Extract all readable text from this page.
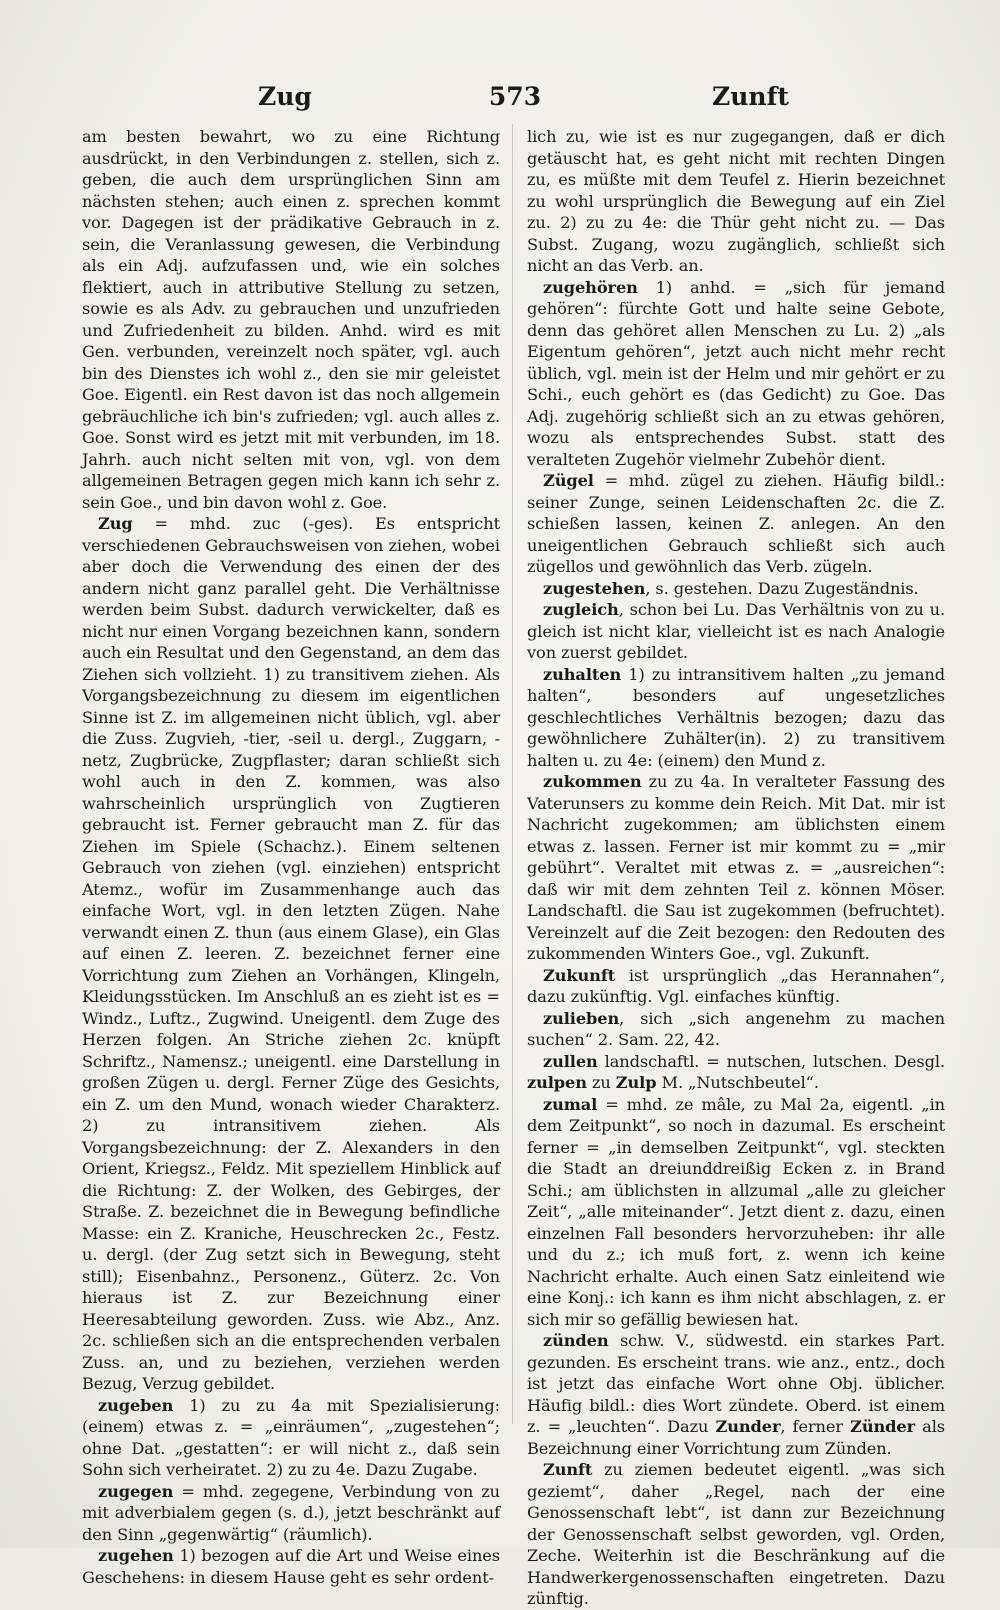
Zug	573	Zunft

am besten bewahrt, wo zu eine Richtung ausdrückt, in den Verbindungen z. stellen, sich z. geben, die auch dem ursprünglichen Sinn am nächsten stehen; auch einen z. sprechen kommt vor. Dagegen ist der prädikative Gebrauch in z. sein, die Veranlassung gewesen, die Verbindung als ein Adj. aufzufassen und, wie ein solches flektiert, auch in attributive Stellung zu setzen, sowie es als Adv. zu gebrauchen und unzufrieden und Zufriedenheit zu bilden. Anhd. wird es mit Gen. verbunden, vereinzelt noch später, vgl. auch bin des Dienstes ich wohl z., den sie mir geleistet Goe. Eigentl. ein Rest davon ist das noch allgemein gebräuchliche ich bin's zufrieden; vgl. auch alles z. Goe. Sonst wird es jetzt mit mit verbunden, im 18. Jahrh. auch nicht selten mit von, vgl. von dem allgemeinen Betragen gegen mich kann ich sehr z. sein Goe., und bin davon wohl z. Goe.

Zug = mhd. zuc (-ges). Es entspricht verschiedenen Gebrauchsweisen von ziehen, wobei aber doch die Verwendung des einen der des andern nicht ganz parallel geht. Die Verhältnisse werden beim Subst. dadurch verwickelter, daß es nicht nur einen Vorgang bezeichnen kann, sondern auch ein Resultat und den Gegenstand, an dem das Ziehen sich vollzieht. 1) zu transitivem ziehen. Als Vorgangsbezeichnung zu diesem im eigentlichen Sinne ist Z. im allgemeinen nicht üblich, vgl. aber die Zuss. Zugvieh, -tier, -seil u. dergl., Zuggarn, -netz, Zugbrücke, Zugpflaster; daran schließt sich wohl auch in den Z. kommen, was also wahrscheinlich ursprünglich von Zugtieren gebraucht ist. Ferner gebraucht man Z. für das Ziehen im Spiele (Schachz.). Einem seltenen Gebrauch von ziehen (vgl. einziehen) entspricht Atemz., wofür im Zusammenhange auch das einfache Wort, vgl. in den letzten Zügen. Nahe verwandt einen Z. thun (aus einem Glase), ein Glas auf einen Z. leeren. Z. bezeichnet ferner eine Vorrichtung zum Ziehen an Vorhängen, Klingeln, Kleidungsstücken. Im Anschluß an es zieht ist es = Windz., Luftz., Zugwind. Uneigentl. dem Zuge des Herzen folgen. An Striche ziehen 2c. knüpft Schriftz., Namensz.; uneigentl. eine Darstellung in großen Zügen u. dergl. Ferner Züge des Gesichts, ein Z. um den Mund, wonach wieder Charakterz. 2) zu intransitivem ziehen. Als Vorgangsbezeichnung: der Z. Alexanders in den Orient, Kriegsz., Feldz. Mit speziellem Hinblick auf die Richtung: Z. der Wolken, des Gebirges, der Straße. Z. bezeichnet die in Bewegung befindliche Masse: ein Z. Kraniche, Heuschrecken 2c., Festz. u. dergl. (der Zug setzt sich in Bewegung, steht still); Eisenbahnz., Personenz., Güterz. 2c. Von hieraus ist Z. zur Bezeichnung einer Heeresabteilung geworden. Zuss. wie Abz., Anz. 2c. schließen sich an die entsprechenden verbalen Zuss. an, und zu beziehen, verziehen werden Bezug, Verzug gebildet.

zugeben 1) zu zu 4a mit Spezialisierung: (einem) etwas z. = „einräumen“, „zugestehen“; ohne Dat. „gestatten“: er will nicht z., daß sein Sohn sich verheiratet. 2) zu zu 4e. Dazu Zugabe.

zugegen = mhd. zegegene, Verbindung von zu mit adverbialem gegen (s. d.), jetzt beschränkt auf den Sinn „gegenwärtig“ (räumlich).

zugehen 1) bezogen auf die Art und Weise eines Geschehens: in diesem Hause geht es sehr ordent-

lich zu, wie ist es nur zugegangen, daß er dich getäuscht hat, es geht nicht mit rechten Dingen zu, es müßte mit dem Teufel z. Hierin bezeichnet zu wohl ursprünglich die Bewegung auf ein Ziel zu. 2) zu zu 4e: die Thür geht nicht zu. — Das Subst. Zugang, wozu zugänglich, schließt sich nicht an das Verb. an.

zugehören 1) anhd. = „sich für jemand gehören“: fürchte Gott und halte seine Gebote, denn das gehöret allen Menschen zu Lu. 2) „als Eigentum gehören“, jetzt auch nicht mehr recht üblich, vgl. mein ist der Helm und mir gehört er zu Schi., euch gehört es (das Gedicht) zu Goe. Das Adj. zugehörig schließt sich an zu etwas gehören, wozu als entsprechendes Subst. statt des veralteten Zugehör vielmehr Zubehör dient.

Zügel = mhd. zügel zu ziehen. Häufig bildl.: seiner Zunge, seinen Leidenschaften 2c. die Z. schießen lassen, keinen Z. anlegen. An den uneigentlichen Gebrauch schließt sich auch zügellos und gewöhnlich das Verb. zügeln.

zugestehen, s. gestehen. Dazu Zugeständnis.

zugleich, schon bei Lu. Das Verhältnis von zu u. gleich ist nicht klar, vielleicht ist es nach Analogie von zuerst gebildet.

zuhalten 1) zu intransitivem halten „zu jemand halten“, besonders auf ungesetzliches geschlechtliches Verhältnis bezogen; dazu das gewöhnlichere Zuhälter(in). 2) zu transitivem halten u. zu 4e: (einem) den Mund z.

zukommen zu zu 4a. In veralteter Fassung des Vaterunsers zu komme dein Reich. Mit Dat. mir ist Nachricht zugekommen; am üblichsten einem etwas z. lassen. Ferner ist mir kommt zu = „mir gebührt“. Veraltet mit etwas z. = „ausreichen“: daß wir mit dem zehnten Teil z. können Möser. Landschaftl. die Sau ist zugekommen (befruchtet). Vereinzelt auf die Zeit bezogen: den Redouten des zukommenden Winters Goe., vgl. Zukunft.

Zukunft ist ursprünglich „das Herannahen“, dazu zukünftig. Vgl. einfaches künftig.

zulieben, sich „sich angenehm zu machen suchen“ 2. Sam. 22, 42.

zullen landschaftl. = nutschen, lutschen. Desgl. zulpen zu Zulp M. „Nutschbeutel“.

zumal = mhd. ze mâle, zu Mal 2a, eigentl. „in dem Zeitpunkt“, so noch in dazumal. Es erscheint ferner = „in demselben Zeitpunkt“, vgl. steckten die Stadt an dreiunddreißig Ecken z. in Brand Schi.; am üblichsten in allzumal „alle zu gleicher Zeit“, „alle miteinander“. Jetzt dient z. dazu, einen einzelnen Fall besonders hervorzuheben: ihr alle und du z.; ich muß fort, z. wenn ich keine Nachricht erhalte. Auch einen Satz einleitend wie eine Konj.: ich kann es ihm nicht abschlagen, z. er sich mir so gefällig bewiesen hat.

zünden schw. V., südwestd. ein starkes Part. gezunden. Es erscheint trans. wie anz., entz., doch ist jetzt das einfache Wort ohne Obj. üblicher. Häufig bildl.: dies Wort zündete. Oberd. ist einem z. = „leuchten“. Dazu Zunder, ferner Zünder als Bezeichnung einer Vorrichtung zum Zünden.

Zunft zu ziemen bedeutet eigentl. „was sich geziemt“, daher „Regel, nach der eine Genossenschaft lebt“, ist dann zur Bezeichnung der Genossenschaft selbst geworden, vgl. Orden, Zeche. Weiterhin ist die Beschränkung auf die Handwerkergenossenschaften eingetreten. Dazu zünftig.
